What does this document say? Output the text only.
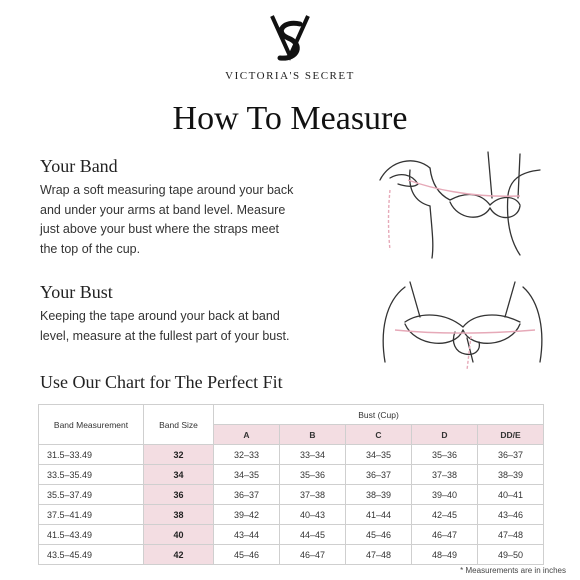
VICTORIA'S SECRET
How To Measure
Your Band
Wrap a soft measuring tape around your back
and under your arms at band level. Measure
just above your bust where the straps meet
the top of the cup.
Your Bust
Keeping the tape around your back at band
level, measure at the fullest part of your bust.
Use Our Chart for The Perfect Fit
Band Measurement	Band Size	Bust (Cup)				
		A	B	C	D	DD/E
31.5–33.49	32	32–33	33–34	34–35	35–36	36–37
33.5–35.49	34	34–35	35–36	36–37	37–38	38–39
35.5–37.49	36	36–37	37–38	38–39	39–40	40–41
37.5–41.49	38	39–42	40–43	41–44	42–45	43–46
41.5–43.49	40	43–44	44–45	45–46	46–47	47–48
43.5–45.49	42	45–46	46–47	47–48	48–49	49–50
* Measurements are in inches
